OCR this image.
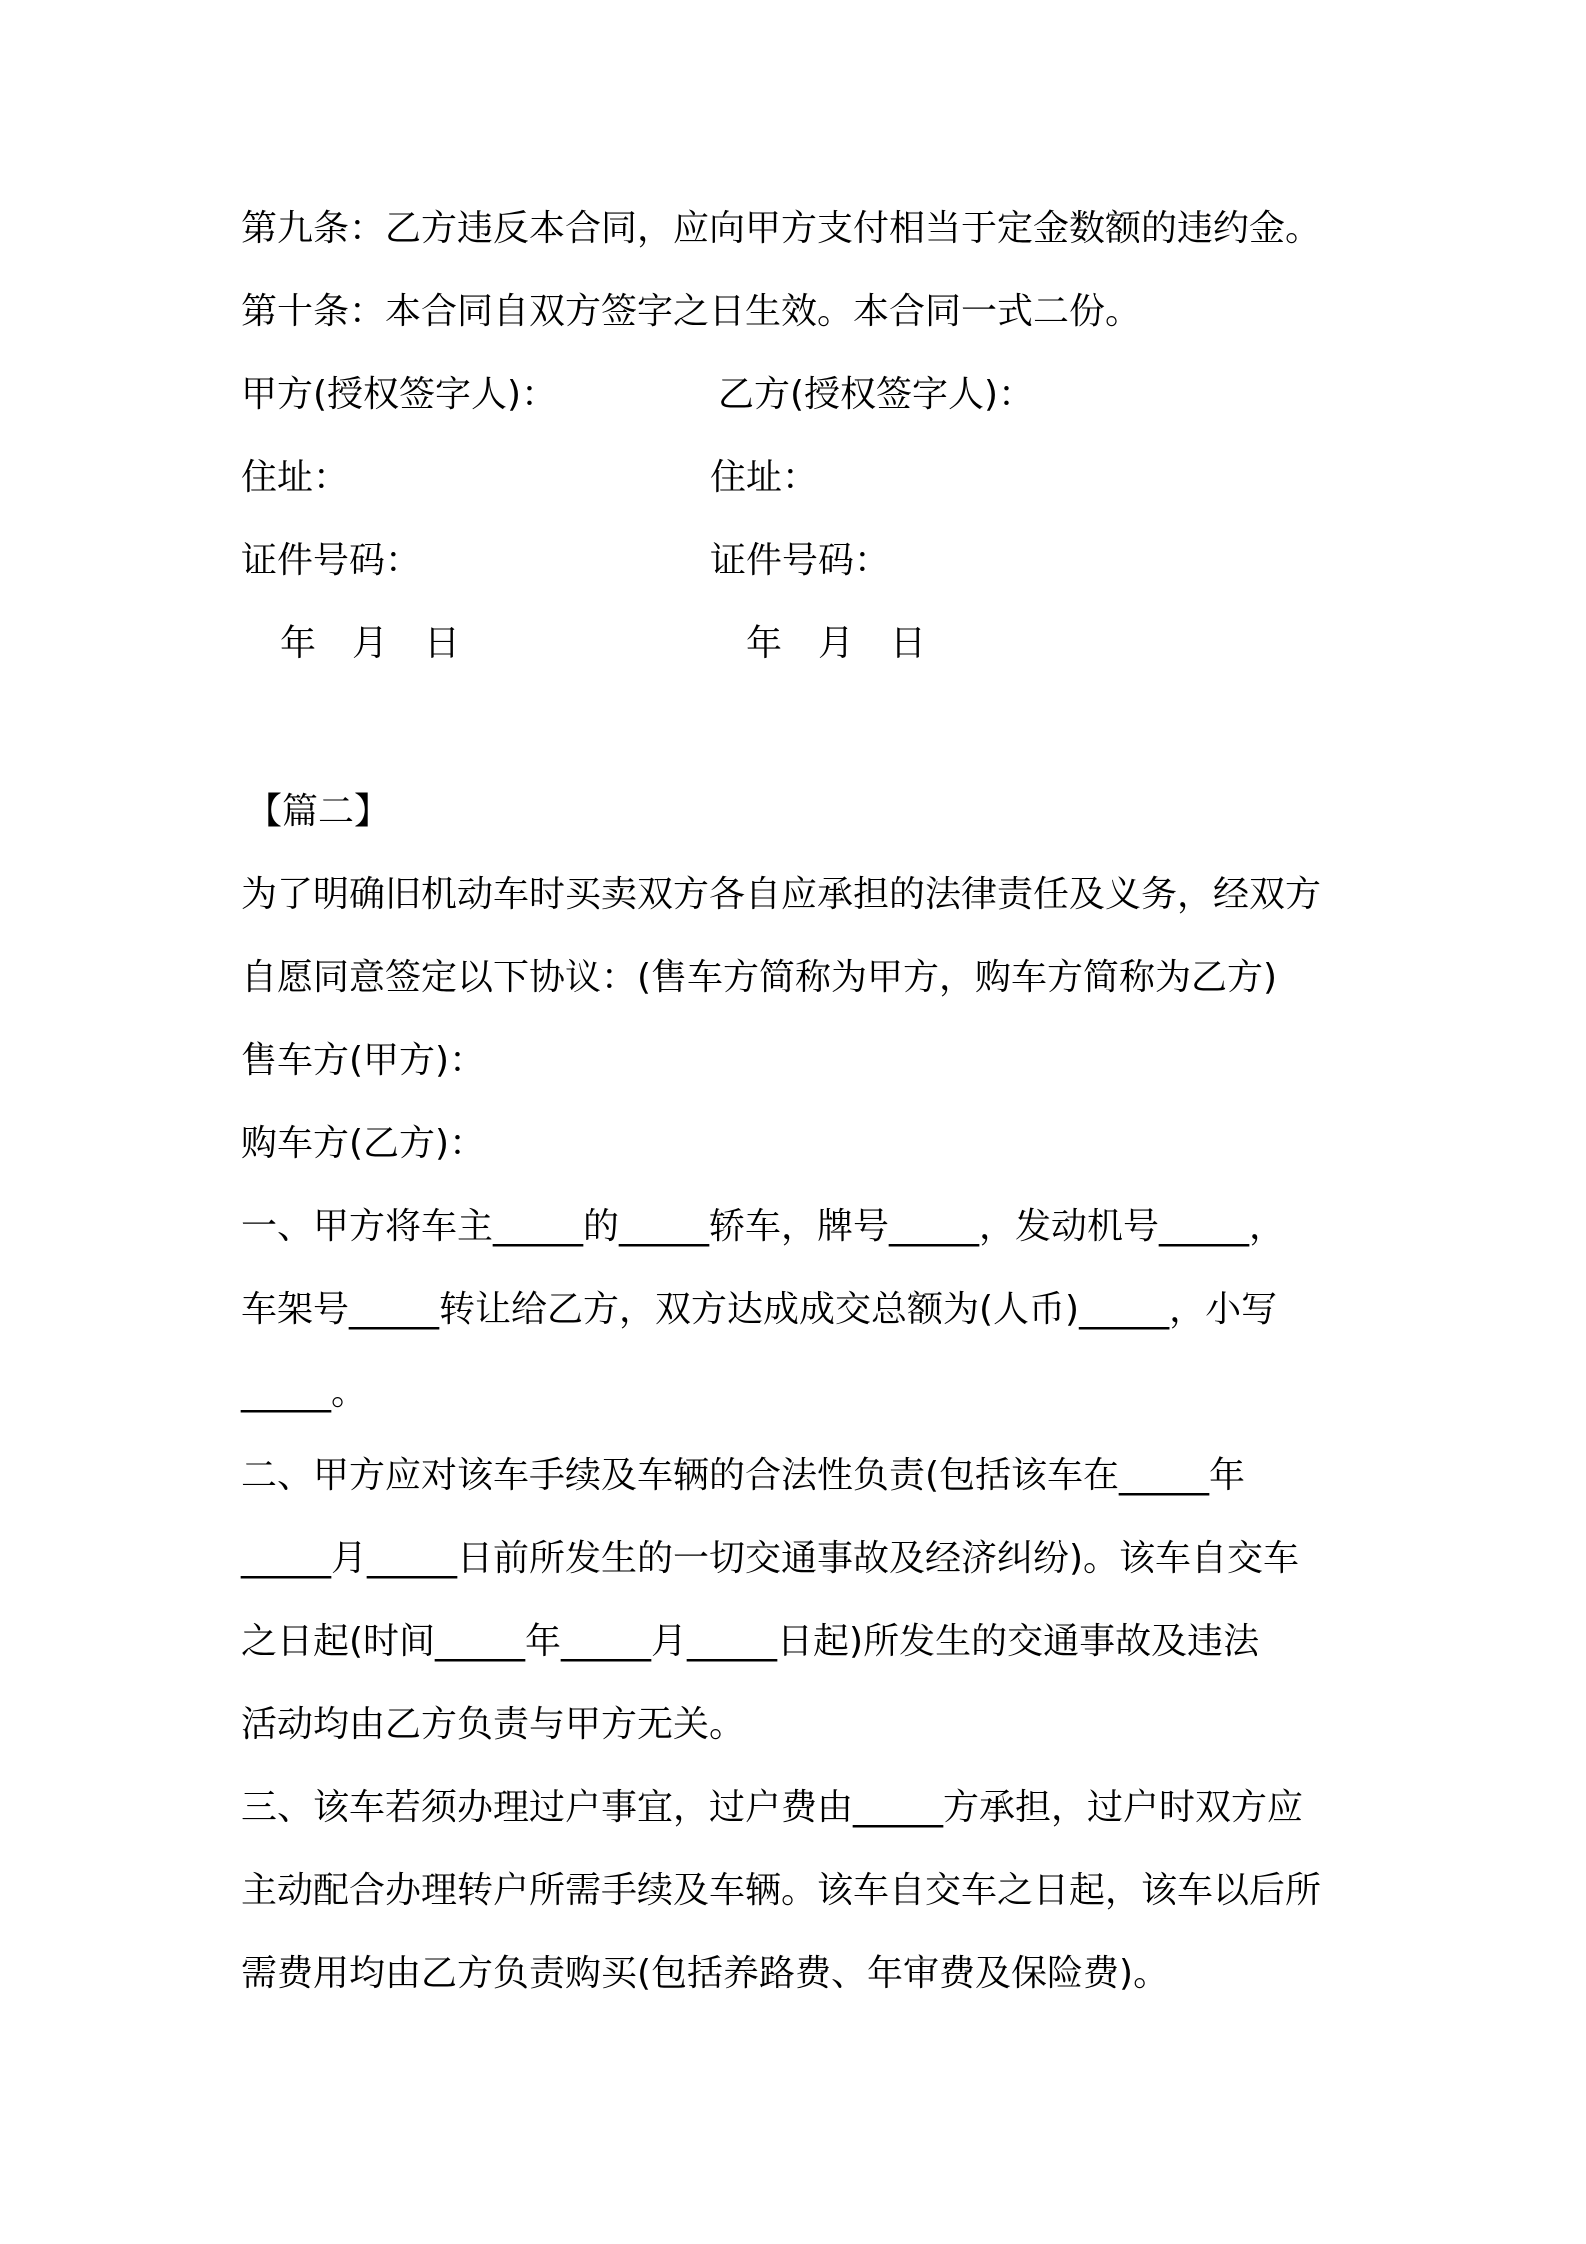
第九条：乙方违反本合同，应向甲方支付相当于定金数额的违约金。
第十条：本合同自双方签字之日生效。本合同一式二份。
甲方(授权签字人)：	乙方(授权签字人)：
住址：	住址：
证件号码：	证件号码：
年　月　日	年　月　日
【篇二】
为了明确旧机动车时买卖双方各自应承担的法律责任及义务，经双方
自愿同意签定以下协议：(售车方简称为甲方，购车方简称为乙方)
售车方(甲方)：
购车方(乙方)：
一、甲方将车主_____的_____轿车，牌号_____，发动机号_____，
车架号_____转让给乙方，双方达成成交总额为(人币)_____，小写
_____。
二、甲方应对该车手续及车辆的合法性负责(包括该车在_____年
_____月_____日前所发生的一切交通事故及经济纠纷)。该车自交车
之日起(时间_____年_____月_____日起)所发生的交通事故及违法
活动均由乙方负责与甲方无关。
三、该车若须办理过户事宜，过户费由_____方承担，过户时双方应
主动配合办理转户所需手续及车辆。该车自交车之日起，该车以后所
需费用均由乙方负责购买(包括养路费、年审费及保险费)。
